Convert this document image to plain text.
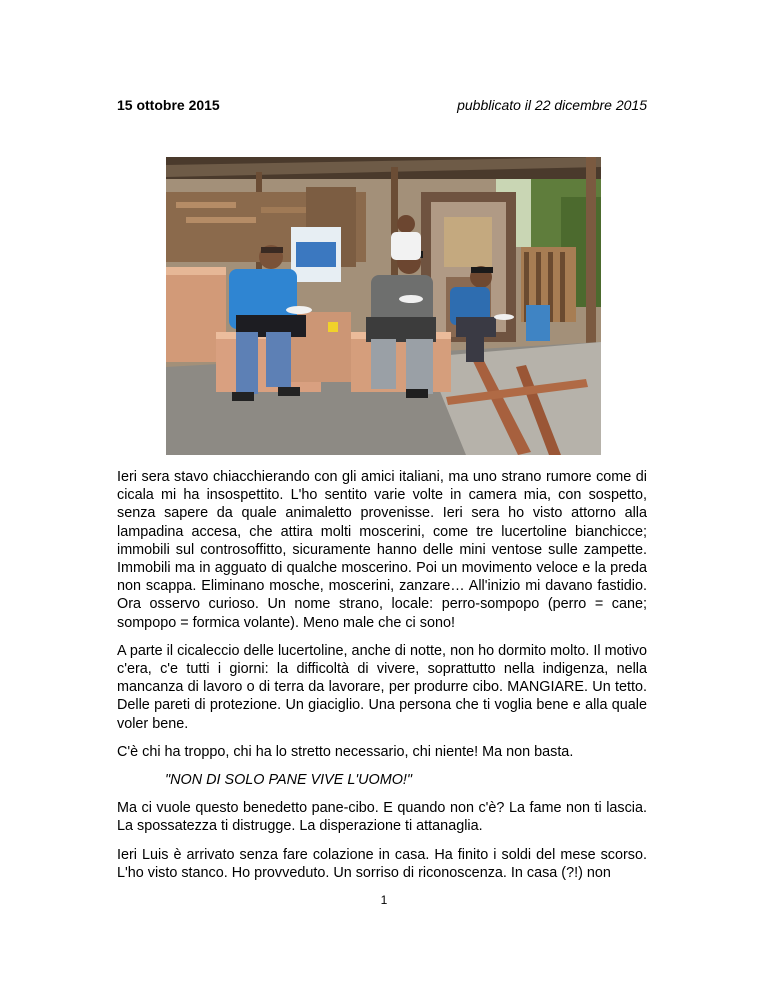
15 ottobre 2015	pubblicato il 22 dicembre 2015

Ieri sera stavo chiacchierando con gli amici italiani, ma uno strano rumore come di cicala mi ha insospettito. L'ho sentito varie volte in camera mia, con sospetto, senza sapere da quale animaletto provenisse. Ieri sera ho visto attorno alla lampadina accesa, che attira molti moscerini, come tre lucertoline bianchicce; immobili sul controsoffitto, sicuramente hanno delle mini ventose sulle zampette. Immobili ma in agguato di qualche moscerino. Poi un movimento veloce e la preda non scappa. Eliminano mosche, moscerini, zanzare… All'inizio mi davano fastidio. Ora osservo curioso. Un nome strano, locale: perro-sompopo (perro = cane; sompopo = formica volante). Meno male che ci sono!

A parte il cicaleccio delle lucertoline, anche di notte, non ho dormito molto. Il motivo c'era, c'e tutti i giorni: la difficoltà di vivere, soprattutto nella indigenza, nella mancanza di lavoro o di terra da lavorare, per produrre cibo. MANGIARE. Un tetto. Delle pareti di protezione. Un giaciglio. Una persona che ti voglia bene e alla quale voler bene.

C'è chi ha troppo, chi ha lo stretto necessario, chi niente! Ma non basta.

"NON DI SOLO PANE VIVE L'UOMO!"

Ma ci vuole questo benedetto pane-cibo. E quando non c'è? La fame non ti lascia. La spossatezza ti distrugge. La disperazione ti attanaglia.

Ieri Luis è arrivato senza fare colazione in casa. Ha finito i soldi del mese scorso. L'ho visto stanco. Ho provveduto. Un sorriso di riconoscenza. In casa (?!) non

1
